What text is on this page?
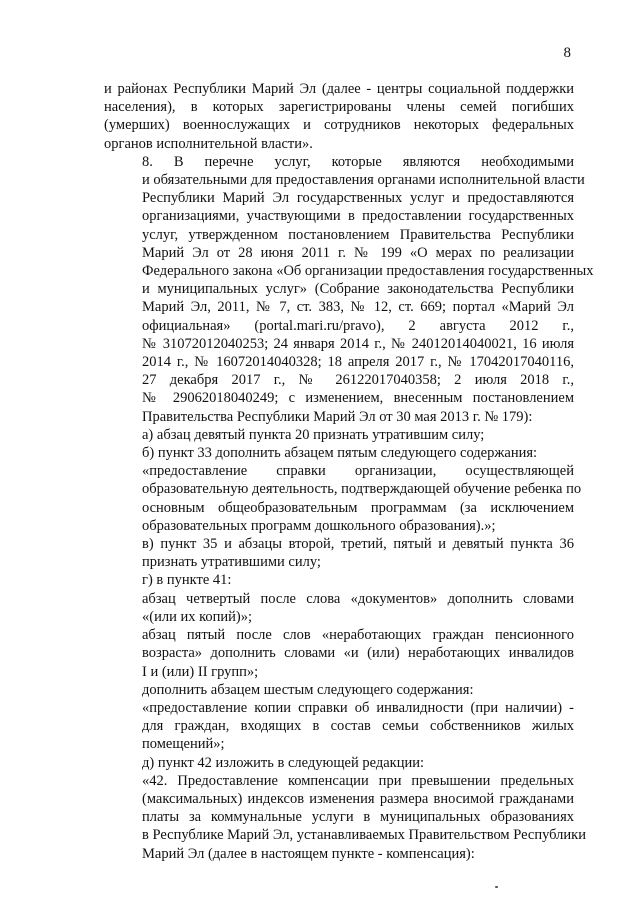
8

и районах Республики Марий Эл (далее - центры социальной поддержки
населения), в которых зарегистрированы члены семей погибших
(умерших) военнослужащих и сотрудников некоторых федеральных
органов исполнительной власти».

8. В перечне услуг, которые являются необходимыми
и обязательными для предоставления органами исполнительной власти
Республики Марий Эл государственных услуг и предоставляются
организациями, участвующими в предоставлении государственных
услуг, утвержденном постановлением Правительства Республики
Марий Эл от 28 июня 2011 г. № 199 «О мерах по реализации
Федерального закона «Об организации предоставления государственных
и муниципальных услуг» (Собрание законодательства Республики
Марий Эл, 2011, № 7, ст. 383, № 12, ст. 669; портал «Марий Эл
официальная» (portal.mari.ru/pravo), 2 августа 2012 г.,
№ 31072012040253; 24 января 2014 г., № 24012014040021, 16 июля
2014 г., № 16072014040328; 18 апреля 2017 г., № 17042017040116,
27 декабря 2017 г., № 26122017040358; 2 июля 2018 г.,
№ 29062018040249; с изменением, внесенным постановлением
Правительства Республики Марий Эл от 30 мая 2013 г. № 179):

а) абзац девятый пункта 20 признать утратившим силу;

б) пункт 33 дополнить абзацем пятым следующего содержания:

«предоставление справки организации, осуществляющей
образовательную деятельность, подтверждающей обучение ребенка по
основным общеобразовательным программам (за исключением
образовательных программ дошкольного образования).»;

в) пункт 35 и абзацы второй, третий, пятый и девятый пункта 36
признать утратившими силу;

г) в пункте 41:

абзац четвертый после слова «документов» дополнить словами
«(или их копий)»;

абзац пятый после слов «неработающих граждан пенсионного
возраста» дополнить словами «и (или) неработающих инвалидов
I и (или) II групп»;

дополнить абзацем шестым следующего содержания:

«предоставление копии справки об инвалидности (при наличии) -
для граждан, входящих в состав семьи собственников жилых
помещений»;

д) пункт 42 изложить в следующей редакции:

«42. Предоставление компенсации при превышении предельных
(максимальных) индексов изменения размера вносимой гражданами
платы за коммунальные услуги в муниципальных образованиях
в Республике Марий Эл, устанавливаемых Правительством Республики
Марий Эл (далее в настоящем пункте - компенсация):
